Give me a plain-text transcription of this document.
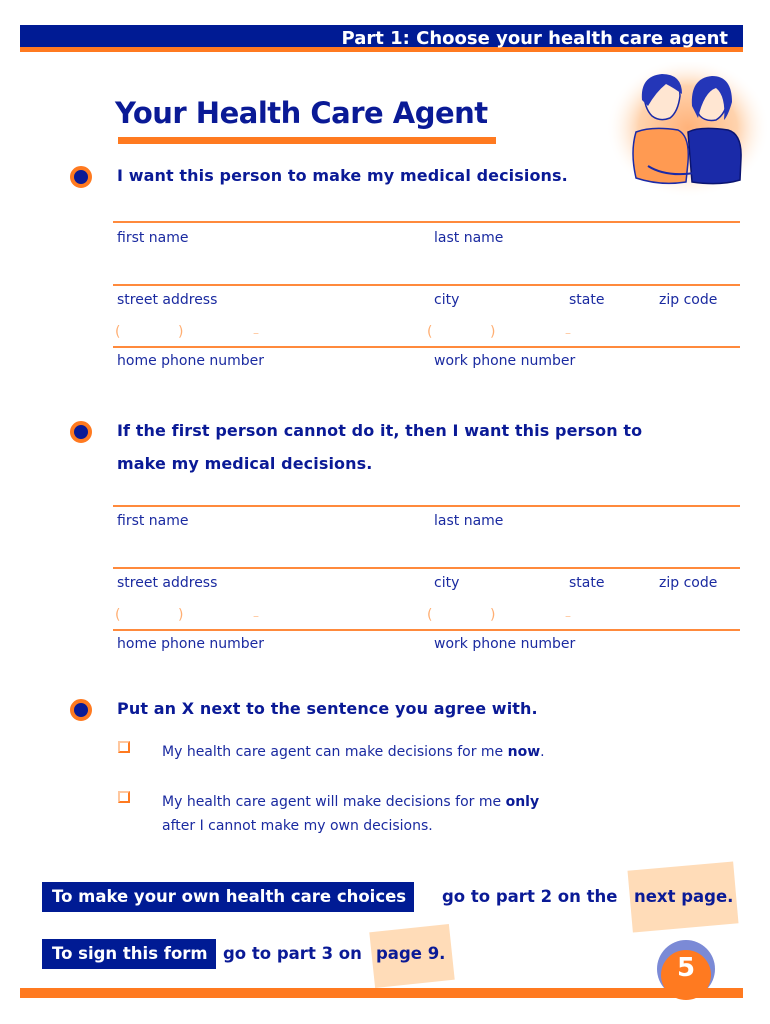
Part 1: Choose your health care agent
Your Health Care Agent
I want this person to make my medical decisions.
first name	last name
street address	city	state	zip code
(	)	–	(	)	–
home phone number	work phone number
If the first person cannot do it, then I want this person to
make my medical decisions.
first name	last name
street address	city	state	zip code
(	)	–	(	)	–
home phone number	work phone number
Put an X next to the sentence you agree with.
My health care agent can make decisions for me now.
My health care agent will make decisions for me only
after I cannot make my own decisions.
To make your own health care choices	go to part 2 on the next page.
To sign this form go to part 3 on page 9.	5
